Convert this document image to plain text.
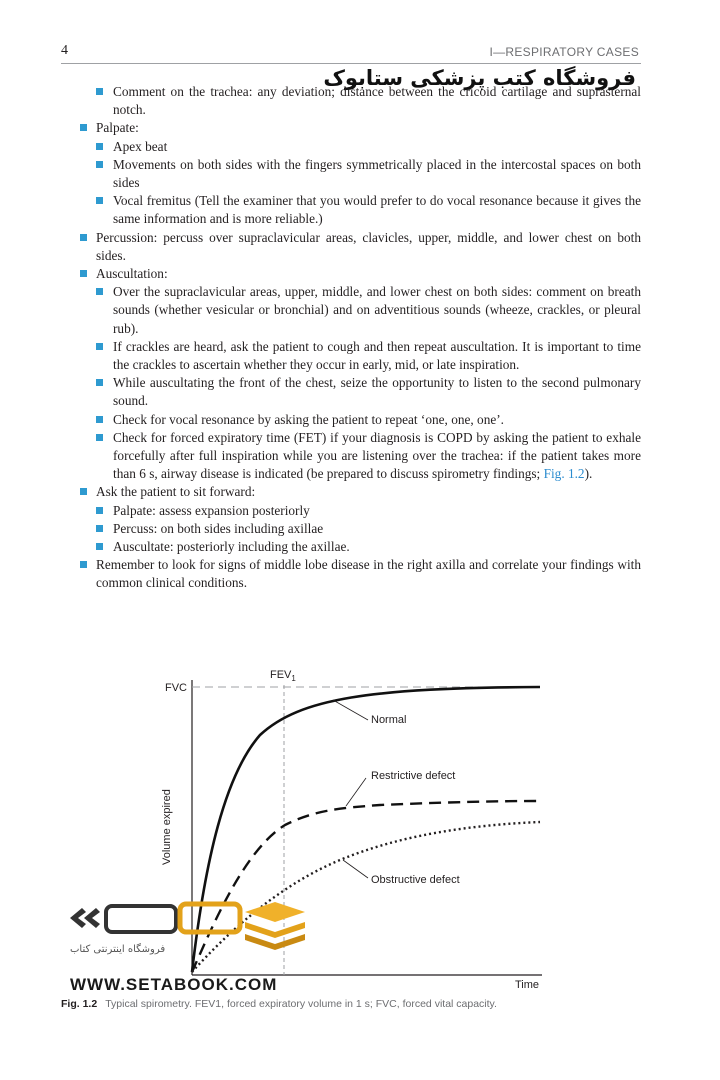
4	I—RESPIRATORY CASES
فروشگاه کتب پزشکی ستابوک
Comment on the trachea: any deviation; distance between the cricoid cartilage and suprasternal notch.
Palpate:
Apex beat
Movements on both sides with the fingers symmetrically placed in the intercostal spaces on both sides
Vocal fremitus (Tell the examiner that you would prefer to do vocal resonance because it gives the same information and is more reliable.)
Percussion: percuss over supraclavicular areas, clavicles, upper, middle, and lower chest on both sides.
Auscultation:
Over the supraclavicular areas, upper, middle, and lower chest on both sides: comment on breath sounds (whether vesicular or bronchial) and on adventitious sounds (wheeze, crackles, or pleural rub).
If crackles are heard, ask the patient to cough and then repeat auscultation. It is important to time the crackles to ascertain whether they occur in early, mid, or late inspiration.
While auscultating the front of the chest, seize the opportunity to listen to the second pulmonary sound.
Check for vocal resonance by asking the patient to repeat ‘one, one, one’.
Check for forced expiratory time (FET) if your diagnosis is COPD by asking the patient to exhale forcefully after full inspiration while you are listening over the trachea: if the patient takes more than 6 s, airway disease is indicated (be prepared to discuss spirometry findings; Fig. 1.2).
Ask the patient to sit forward:
Palpate: assess expansion posteriorly
Percuss: on both sides including axillae
Auscultate: posteriorly including the axillae.
Remember to look for signs of middle lobe disease in the right axilla and correlate your findings with common clinical conditions.
FVC
$FEV_1$
Normal
Restrictive defect
Obstructive defect
Volume expired
Time
فروشگاه اینترنتی کتاب
WWW.SETABOOK.COM
Fig. 1.2 Typical spirometry. FEV1, forced expiratory volume in 1 s; FVC, forced vital capacity.
